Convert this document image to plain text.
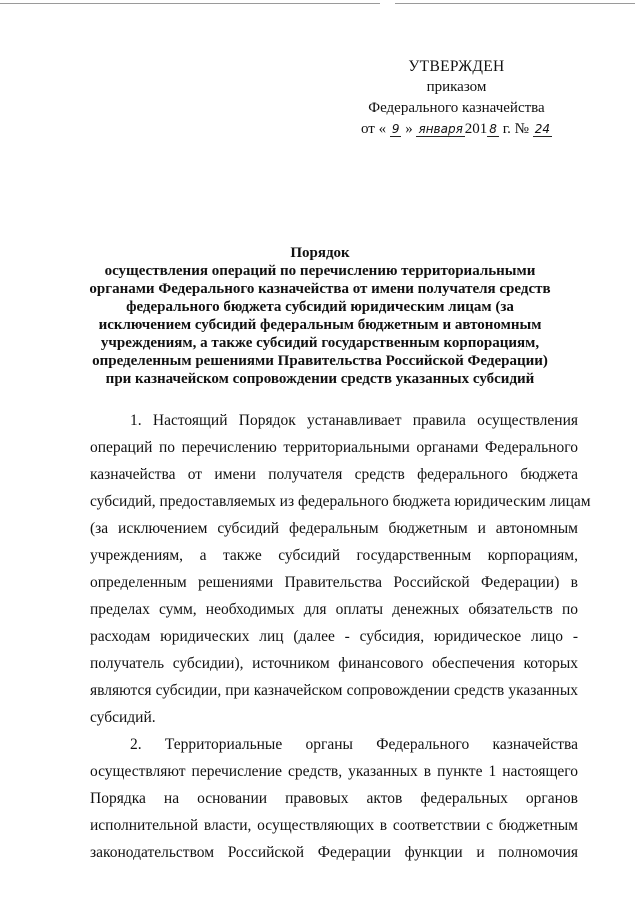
УТВЕРЖДЕН
приказом
Федерального казначейства
от « 9 » января 201 8 г. № 24
Порядок
осуществления операций по перечислению территориальными
органами Федерального казначейства от имени получателя средств
федерального бюджета субсидий юридическим лицам (за
исключением субсидий федеральным бюджетным и автономным
учреждениям, а также субсидий государственным корпорациям,
определенным решениями Правительства Российской Федерации)
при казначейском сопровождении средств указанных субсидий
1. Настоящий Порядок устанавливает правила осуществления
операций по перечислению территориальными органами Федерального
казначейства от имени получателя средств федерального бюджета
субсидий, предоставляемых из федерального бюджета юридическим лицам
(за исключением субсидий федеральным бюджетным и автономным
учреждениям, а также субсидий государственным корпорациям,
определенным решениями Правительства Российской Федерации) в
пределах сумм, необходимых для оплаты денежных обязательств по
расходам юридических лиц (далее - субсидия, юридическое лицо -
получатель субсидии), источником финансового обеспечения которых
являются субсидии, при казначейском сопровождении средств указанных
субсидий.
2. Территориальные органы Федерального казначейства
осуществляют перечисление средств, указанных в пункте 1 настоящего
Порядка на основании правовых актов федеральных органов
исполнительной власти, осуществляющих в соответствии с бюджетным
законодательством Российской Федерации функции и полномочия
